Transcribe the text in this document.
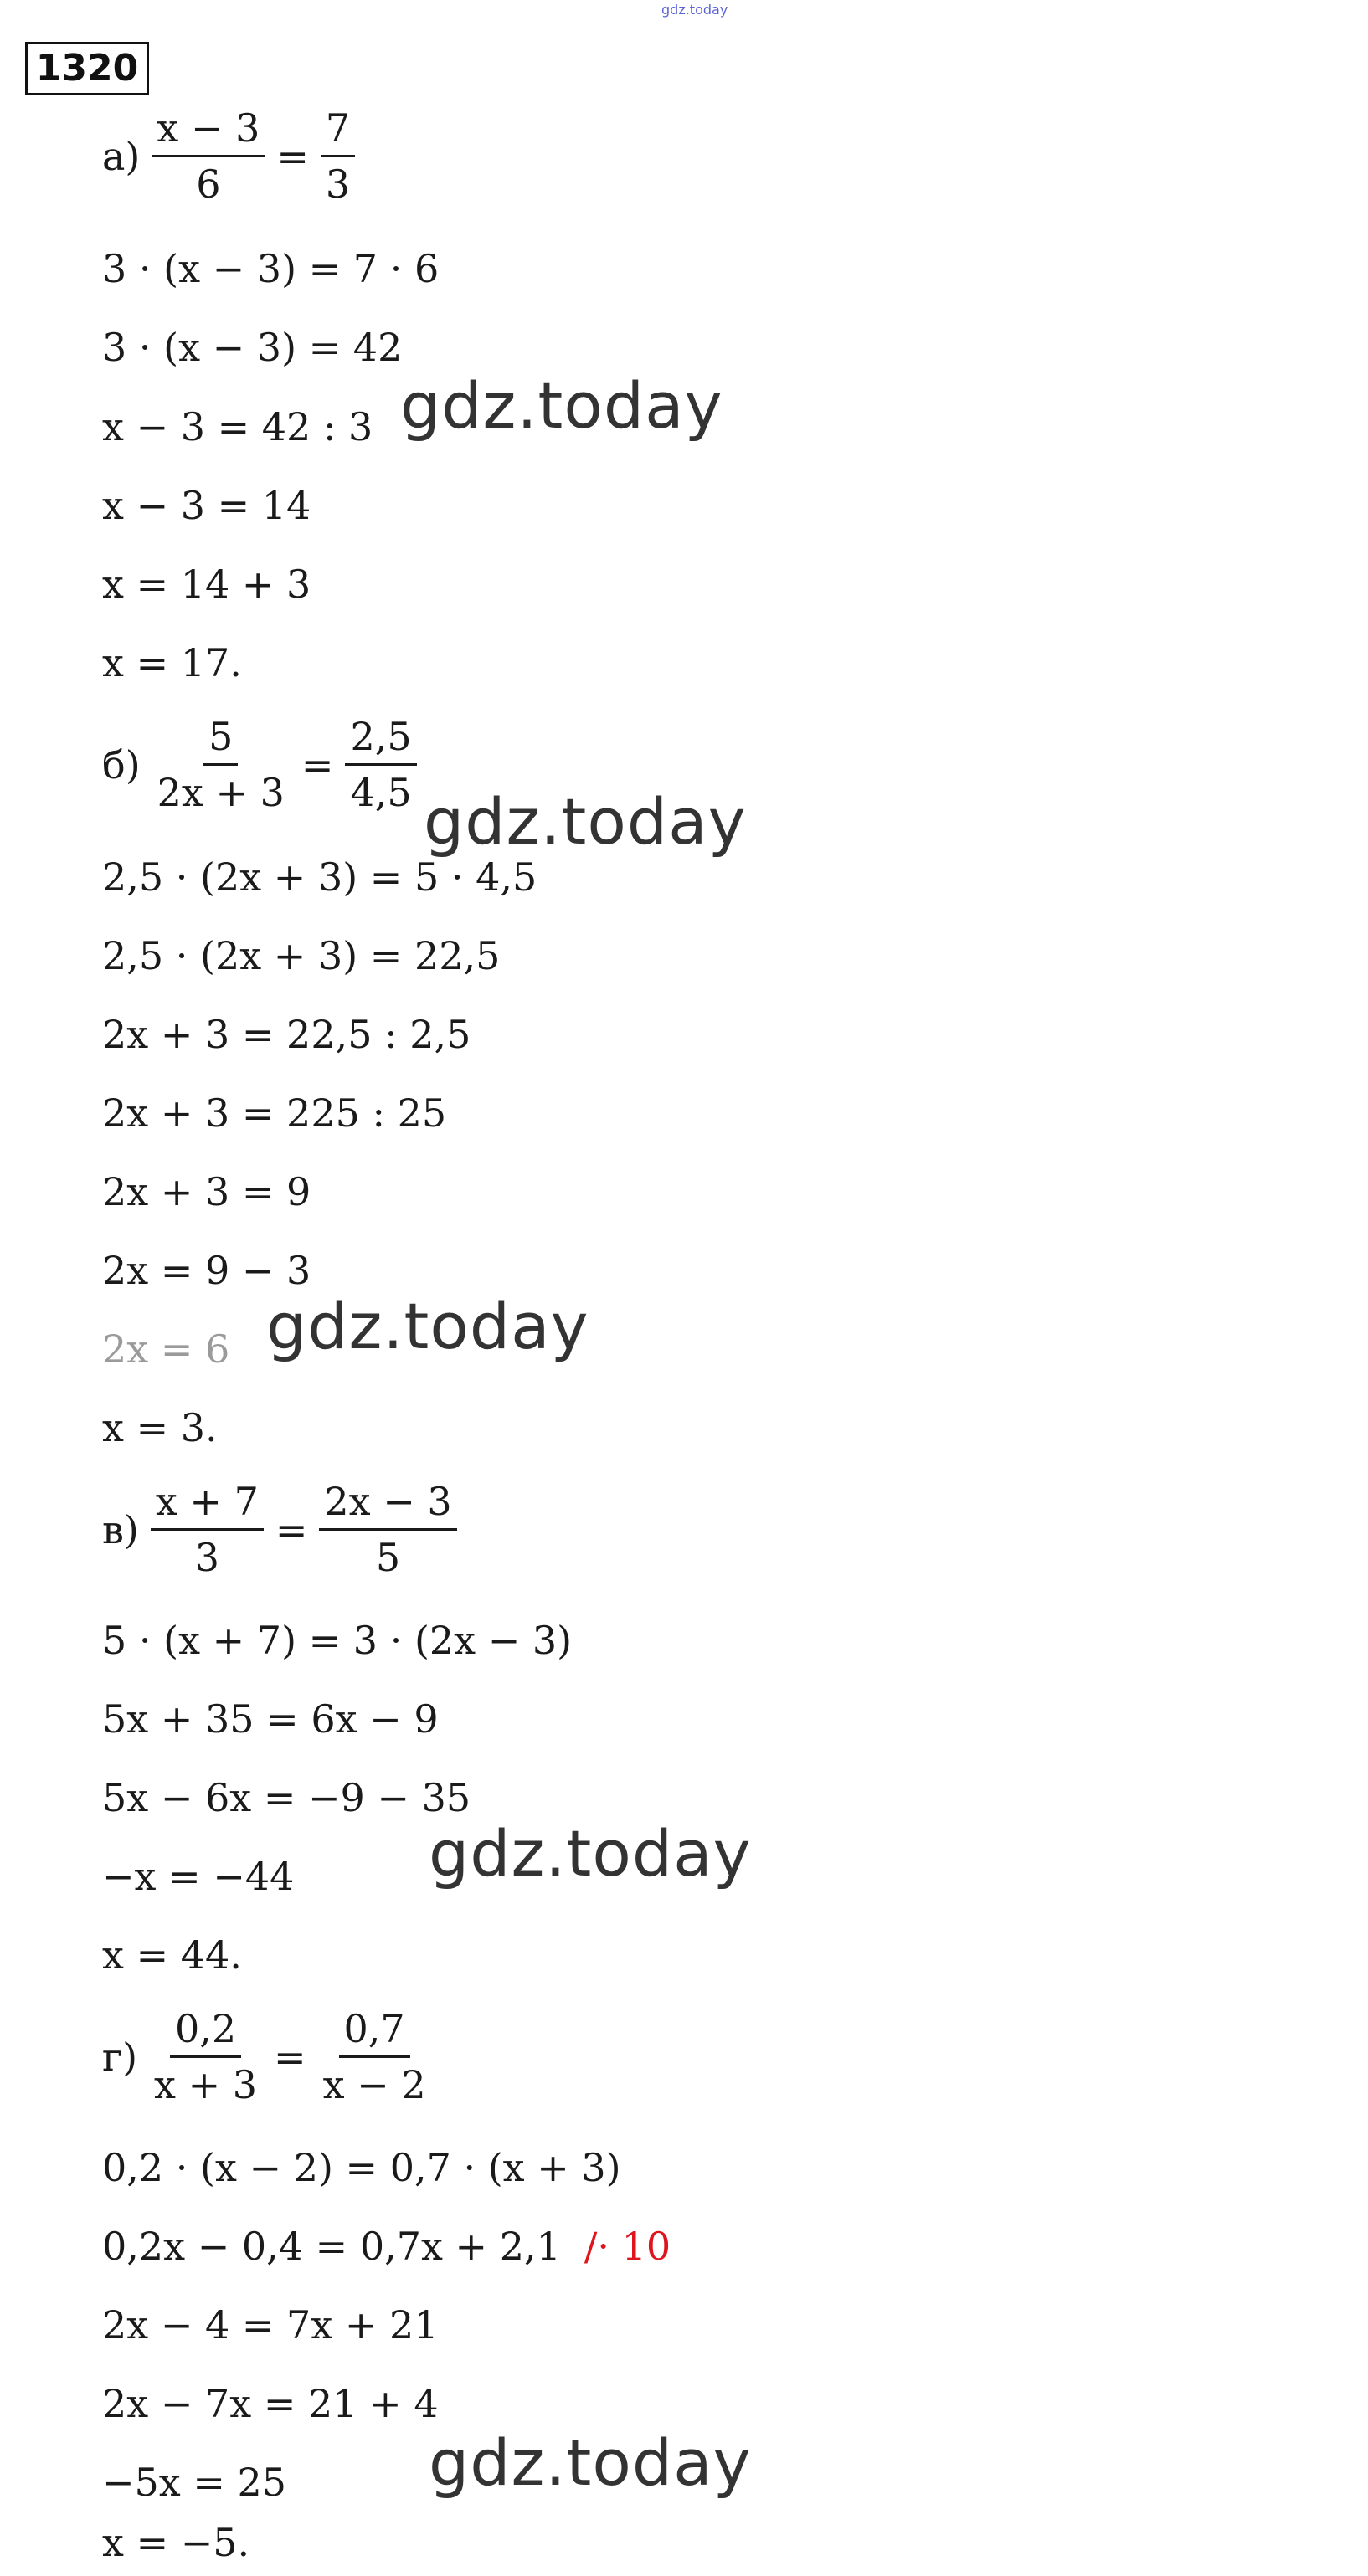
gdz.today
1320
$а) \frac{x - 3}{6} = \frac{7}{3}$
3 · (x − 3) = 7 · 6
3 · (x − 3) = 42
x − 3 = 42 : 3
x − 3 = 14
x = 14 + 3
x = 17.
$б) \frac{5}{2x + 3} = \frac{2,5}{4,5}$
2,5 · (2x + 3) = 5 · 4,5
2,5 · (2x + 3) = 22,5
2x + 3 = 22,5 : 2,5
2x + 3 = 225 : 25
2x + 3 = 9
2x = 9 − 3
2x = 6
x = 3.
$в) \frac{x + 7}{3} = \frac{2x - 3}{5}$
5 · (x + 7) = 3 · (2x − 3)
5x + 35 = 6x − 9
5x − 6x = −9 − 35
−x = −44
x = 44.
$г) \frac{0,2}{x + 3} = \frac{0,7}{x - 2}$
0,2 · (x − 2) = 0,7 · (x + 3)
0,2x − 0,4 = 0,7x + 2,1 /· 10
2x − 4 = 7x + 21
2x − 7x = 21 + 4
−5x = 25
x = −5.
gdz.today
gdz.today
gdz.today
gdz.today
gdz.today
